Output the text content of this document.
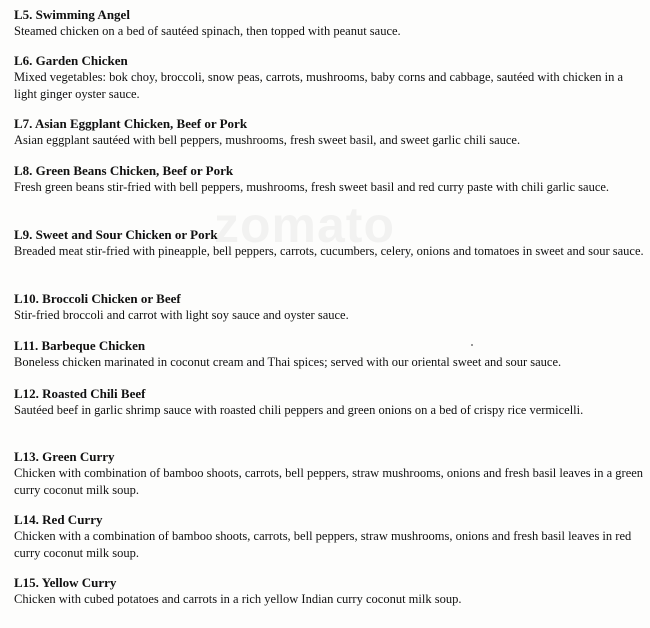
L5. Swimming Angel
Steamed chicken on a bed of sautéed spinach, then topped with peanut sauce.
L6. Garden Chicken
Mixed vegetables: bok choy, broccoli, snow peas, carrots, mushrooms, baby corns and cabbage, sautéed with chicken in a light ginger oyster sauce.
L7. Asian Eggplant Chicken, Beef or Pork
Asian eggplant sautéed with bell peppers, mushrooms, fresh sweet basil, and sweet garlic chili sauce.
L8. Green Beans Chicken, Beef or Pork
Fresh green beans stir-fried with bell peppers, mushrooms, fresh sweet basil and red curry paste with chili garlic sauce.
L9. Sweet and Sour Chicken or Pork
Breaded meat stir-fried with pineapple, bell peppers, carrots, cucumbers, celery, onions and tomatoes in sweet and sour sauce.
L10. Broccoli Chicken or Beef
Stir-fried broccoli and carrot with light soy sauce and oyster sauce.
L11. Barbeque Chicken
Boneless chicken marinated in coconut cream and Thai spices; served with our oriental sweet and sour sauce.
L12. Roasted Chili Beef
Sautéed beef in garlic shrimp sauce with roasted chili peppers and green onions on a bed of crispy rice vermicelli.
L13. Green Curry
Chicken with combination of bamboo shoots, carrots, bell peppers, straw mushrooms, onions and fresh basil leaves in a green curry coconut milk soup.
L14. Red Curry
Chicken with a combination of bamboo shoots, carrots, bell peppers, straw mushrooms, onions and fresh basil leaves in red curry coconut milk soup.
L15. Yellow Curry
Chicken with cubed potatoes and carrots in a rich yellow Indian curry coconut milk soup.
